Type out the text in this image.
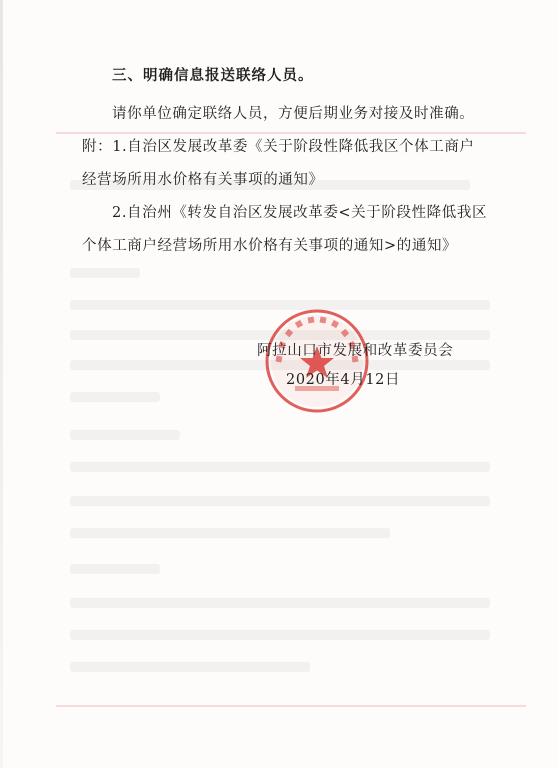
三、明确信息报送联络人员。
请你单位确定联络人员，方便后期业务对接及时准确。
附：1.自治区发展改革委《关于阶段性降低我区个体工商户
经营场所用水价格有关事项的通知》
2.自治州《转发自治区发展改革委<关于阶段性降低我区
个体工商户经营场所用水价格有关事项的通知>的通知》
阿拉山口市发展和改革委员会
2020年4月12日
